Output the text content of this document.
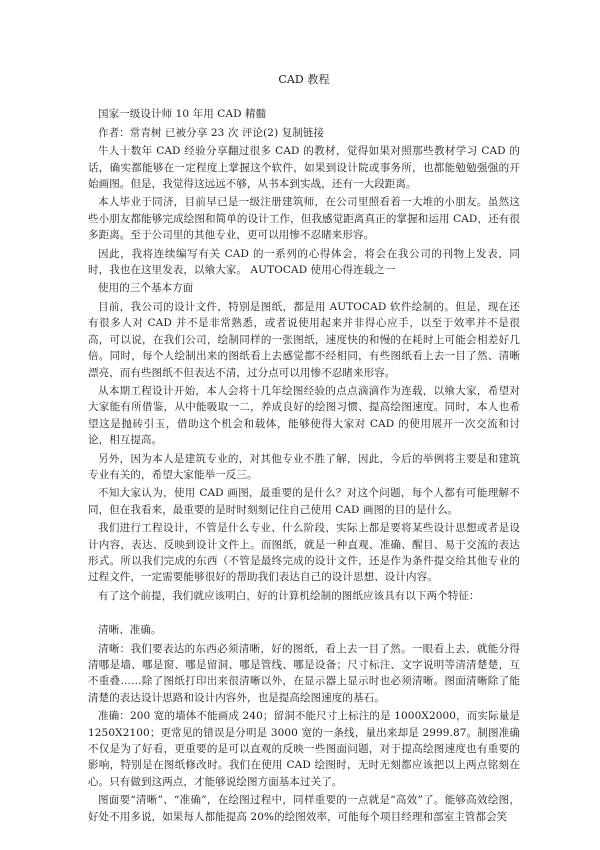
CAD 教程

国家一级设计师 10 年用 CAD 精髓

作者：常青树 已被分享 23 次 评论(2) 复制链接

牛人十数年 CAD 经验分享翻过很多 CAD 的教材，觉得如果对照那些教材学习 CAD 的话，确实都能够在一定程度上掌握这个软件，如果到设计院或事务所，也都能勉勉强强的开始画图。但是，我觉得这远远不够，从书本到实战，还有一大段距离。

本人毕业于同济，目前早已是一级注册建筑师，在公司里照看着一大堆的小朋友。虽然这些小朋友都能够完成绘图和简单的设计工作，但我感觉距离真正的掌握和运用 CAD，还有很多距离。至于公司里的其他专业，更可以用惨不忍睹来形容。

因此，我将连续编写有关 CAD 的一系列的心得体会，将会在我公司的刊物上发表，同时，我也在这里发表，以飨大家。 AUTOCAD 使用心得连载之一

使用的三个基本方面

目前，我公司的设计文件，特别是图纸，都是用 AUTOCAD 软件绘制的。但是，现在还有很多人对 CAD 并不是非常熟悉，或者说使用起来并非得心应手，以至于效率并不是很高，可以说，在我们公司，绘制同样的一张图纸，速度快的和慢的在耗时上可能会相差好几倍。同时，每个人绘制出来的图纸看上去感觉都不经相同，有些图纸看上去一目了然、清晰漂亮，而有些图纸不但表达不清，过分点可以用惨不忍睹来形容。

从本期工程设计开始，本人会将十几年绘图经验的点点滴滴作为连载，以飨大家，希望对大家能有所借鉴，从中能吸取一二，养成良好的绘图习惯、提高绘图速度。同时，本人也希望这是抛砖引玉，借助这个机会和载体，能够使得大家对 CAD 的使用展开一次交流和讨论，相互提高。

另外，因为本人是建筑专业的，对其他专业不胜了解，因此，今后的举例将主要是和建筑专业有关的，希望大家能举一反三。

不知大家认为，使用 CAD 画图，最重要的是什么？对这个问题，每个人都有可能理解不同，但在我看来，最重要的是时时刻刻记住自己使用 CAD 画图的目的是什么。

我们进行工程设计，不管是什么专业、什么阶段，实际上都是要将某些设计思想或者是设计内容，表达、反映到设计文件上。而图纸，就是一种直观、准确、醒目、易于交流的表达形式。所以我们完成的东西（不管是最终完成的设计文件，还是作为条件提交给其他专业的过程文件，一定需要能够很好的帮助我们表达自己的设计思想、设计内容。

有了这个前提，我们就应该明白，好的计算机绘制的图纸应该具有以下两个特征：

清晰、准确。

清晰：我们要表达的东西必须清晰，好的图纸，看上去一目了然。一眼看上去，就能分得清哪是墙、哪是窗、哪是留洞、哪是管线、哪是设备；尺寸标注、文字说明等清清楚楚，互不重叠……除了图纸打印出来很清晰以外，在显示器上显示时也必须清晰。图面清晰除了能清楚的表达设计思路和设计内容外，也是提高绘图速度的基石。

准确：200 宽的墙体不能画成 240；留洞不能尺寸上标注的是 1000X2000，而实际量是1250X2100；更常见的错误是分明是 3000 宽的一条线，量出来却是 2999.87。制图准确不仅是为了好看，更重要的是可以直观的反映一些图面问题，对于提高绘图速度也有重要的影响，特别是在图纸修改时。我们在使用 CAD 绘图时，无时无刻都应该把以上两点铭刻在心。只有做到这两点，才能够说绘图方面基本过关了。

图面要“清晰”、“准确”，在绘图过程中，同样重要的一点就是“高效”了。能够高效绘图，好处不用多说，如果每人都能提高 20%的绘图效率，可能每个项目经理和部室主管都会笑
